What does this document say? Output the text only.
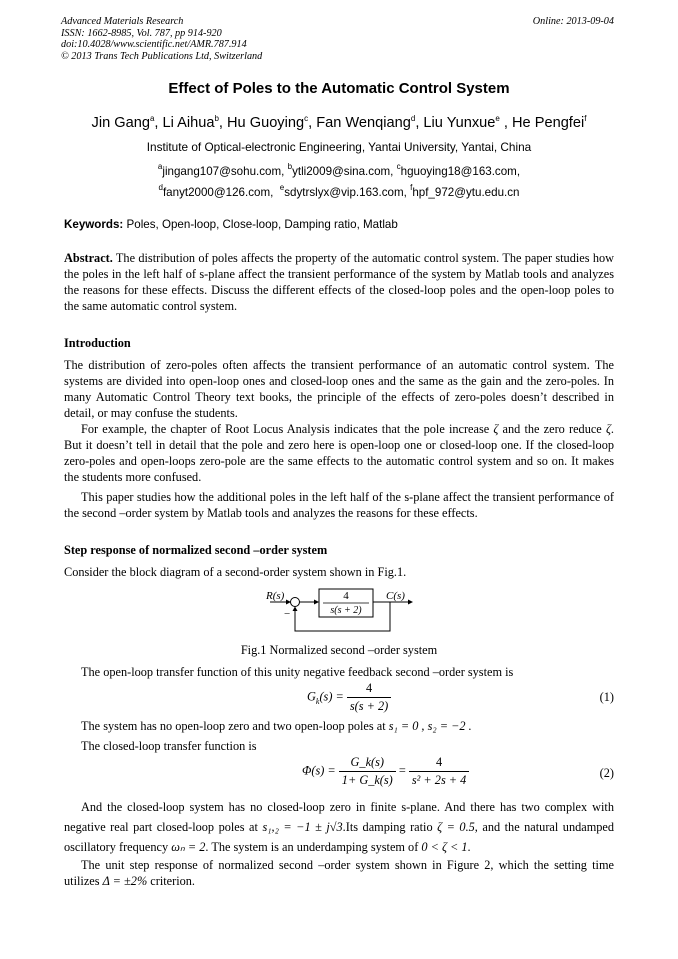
Advanced Materials Research
ISSN: 1662-8985, Vol. 787, pp 914-920
doi:10.4028/www.scientific.net/AMR.787.914
© 2013 Trans Tech Publications Ltd, Switzerland
Online: 2013-09-04
Effect of Poles to the Automatic Control System
Jin Gang$^a$, Li Aihua$^b$, Hu Guoying$^c$, Fan Wenqiang$^d$, Liu Yunxue$^e$ , He Pengfei$^f$
Institute of Optical-electronic Engineering, Yantai University, Yantai, China
$^a$jingang107@sohu.com, $^b$ytli2009@sina.com, $^c$hguoying18@163.com,
$^d$fanyt2000@126.com, $^e$sdytrslyx@vip.163.com, $^f$hpf_972@ytu.edu.cn
Keywords: Poles, Open-loop, Close-loop, Damping ratio, Matlab

Abstract. The distribution of poles affects the property of the automatic control system. The paper studies how the poles in the left half of s-plane affect the transient performance of the system by Matlab tools and analyzes the reasons for these effects. Discuss the different effects of the closed-loop poles and the open-loop poles to the same automatic control system.

Introduction

The distribution of zero-poles often affects the transient performance of an automatic control system. The systems are divided into open-loop ones and closed-loop ones and the same as the gain and the zero-poles. In many Automatic Control Theory text books, the principle of the effects of zero-poles doesn’t described in detail, or may confuse the students.

For example, the chapter of Root Locus Analysis indicates that the pole increase ζ and the zero reduce ζ. But it doesn’t tell in detail that the pole and zero here is open-loop one or closed-loop one. If the closed-loop zero-poles and open-loops zero-pole are the same effects to the automatic control system and so on. It makes the students more confused.

This paper studies how the additional poles in the left half of the s-plane affect the transient performance of the second –order system by Matlab tools and analyzes the reasons for these effects.

Step response of normalized second –order system
Consider the block diagram of a second-order system shown in Fig.1.
R(s)	4
s(s + 2)
C(s)
−
Fig.1 Normalized second –order system
The open-loop transfer function of this unity negative feedback second –order system is
$G_k(s) = \frac{4}{s(s + 2)}$	(1)
The system has no open-loop zero and two open-loop poles at s₁ = 0 , s₂ = −2 .
The closed-loop transfer function is
$\Phi(s) = \frac{G\_k(s)}{1+ G\_k(s)} = \frac{4}{\text{s² + 2s + 4}}$	(2)

And the closed-loop system has no closed-loop zero in finite s-plane. And there has two complex with negative real part closed-loop poles at s₁,₂ = −1 ± j√3.Its damping ratio ζ = 0.5, and the natural undamped oscillatory frequency ωₙ = 2. The system is an underdamping system of 0 < ζ < 1.

The unit step response of normalized second –order system shown in Figure 2, which the setting time utilizes Δ = ±2% criterion.
